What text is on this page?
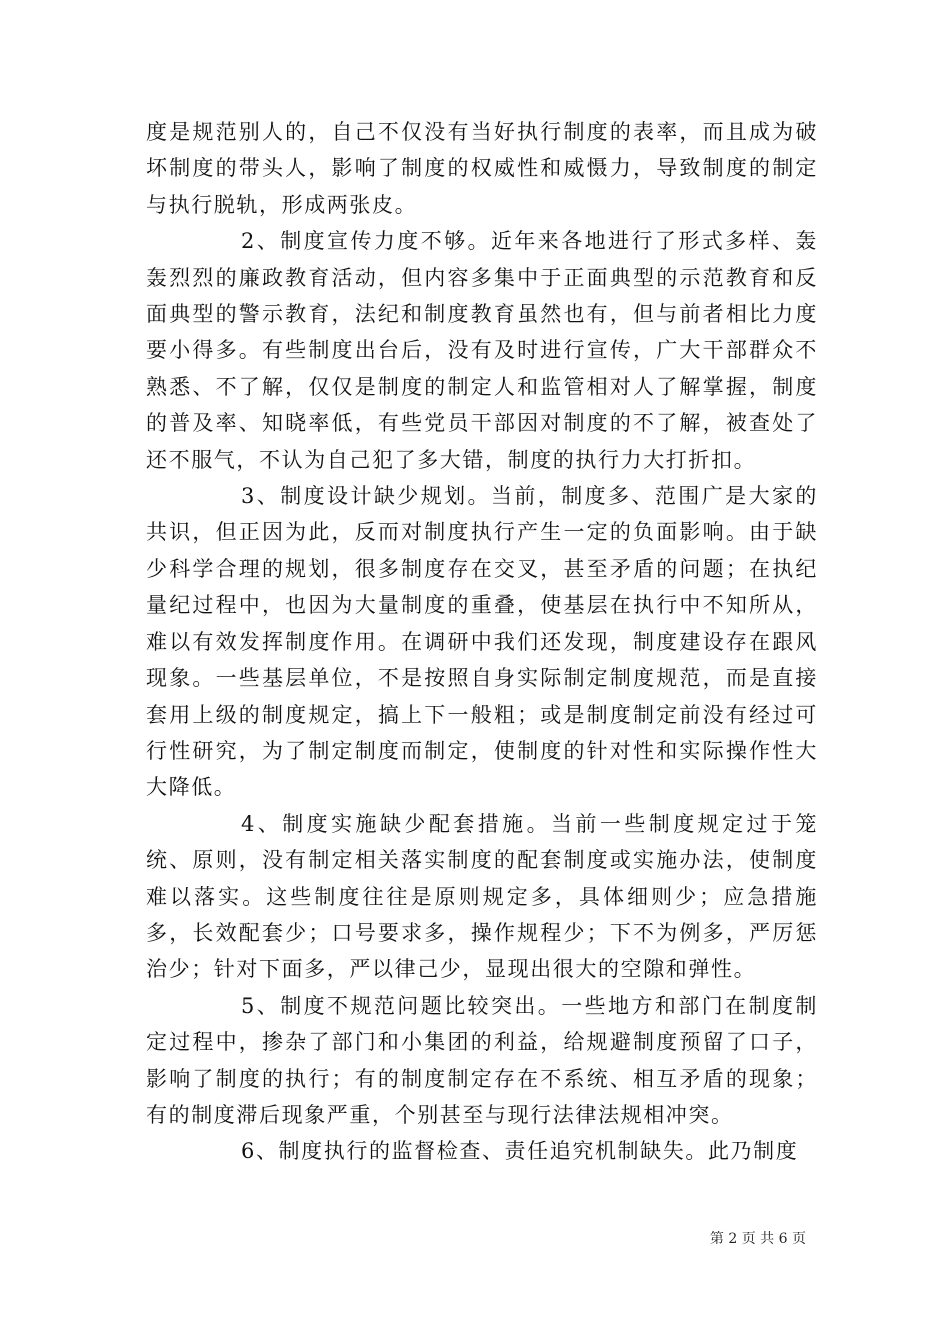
度是规范别人的，自己不仅没有当好执行制度的表率，而且成为破坏制度的带头人，影响了制度的权威性和威慑力，导致制度的制定与执行脱轨，形成两张皮。

2、制度宣传力度不够。近年来各地进行了形式多样、轰轰烈烈的廉政教育活动，但内容多集中于正面典型的示范教育和反面典型的警示教育，法纪和制度教育虽然也有，但与前者相比力度要小得多。有些制度出台后，没有及时进行宣传，广大干部群众不熟悉、不了解，仅仅是制度的制定人和监管相对人了解掌握，制度的普及率、知晓率低，有些党员干部因对制度的不了解，被查处了还不服气，不认为自己犯了多大错，制度的执行力大打折扣。

3、制度设计缺少规划。当前，制度多、范围广是大家的共识，但正因为此，反而对制度执行产生一定的负面影响。由于缺少科学合理的规划，很多制度存在交叉，甚至矛盾的问题；在执纪量纪过程中，也因为大量制度的重叠，使基层在执行中不知所从，难以有效发挥制度作用。在调研中我们还发现，制度建设存在跟风现象。一些基层单位，不是按照自身实际制定制度规范，而是直接套用上级的制度规定，搞上下一般粗；或是制度制定前没有经过可行性研究，为了制定制度而制定，使制度的针对性和实际操作性大大降低。

4、制度实施缺少配套措施。当前一些制度规定过于笼统、原则，没有制定相关落实制度的配套制度或实施办法，使制度难以落实。这些制度往往是原则规定多，具体细则少；应急措施多，长效配套少；口号要求多，操作规程少；下不为例多，严厉惩治少；针对下面多，严以律己少，显现出很大的空隙和弹性。

5、制度不规范问题比较突出。一些地方和部门在制度制定过程中，掺杂了部门和小集团的利益，给规避制度预留了口子，影响了制度的执行；有的制度制定存在不系统、相互矛盾的现象；有的制度滞后现象严重，个别甚至与现行法律法规相冲突。

6、制度执行的监督检查、责任追究机制缺失。此乃制度

第 2 页 共 6 页
